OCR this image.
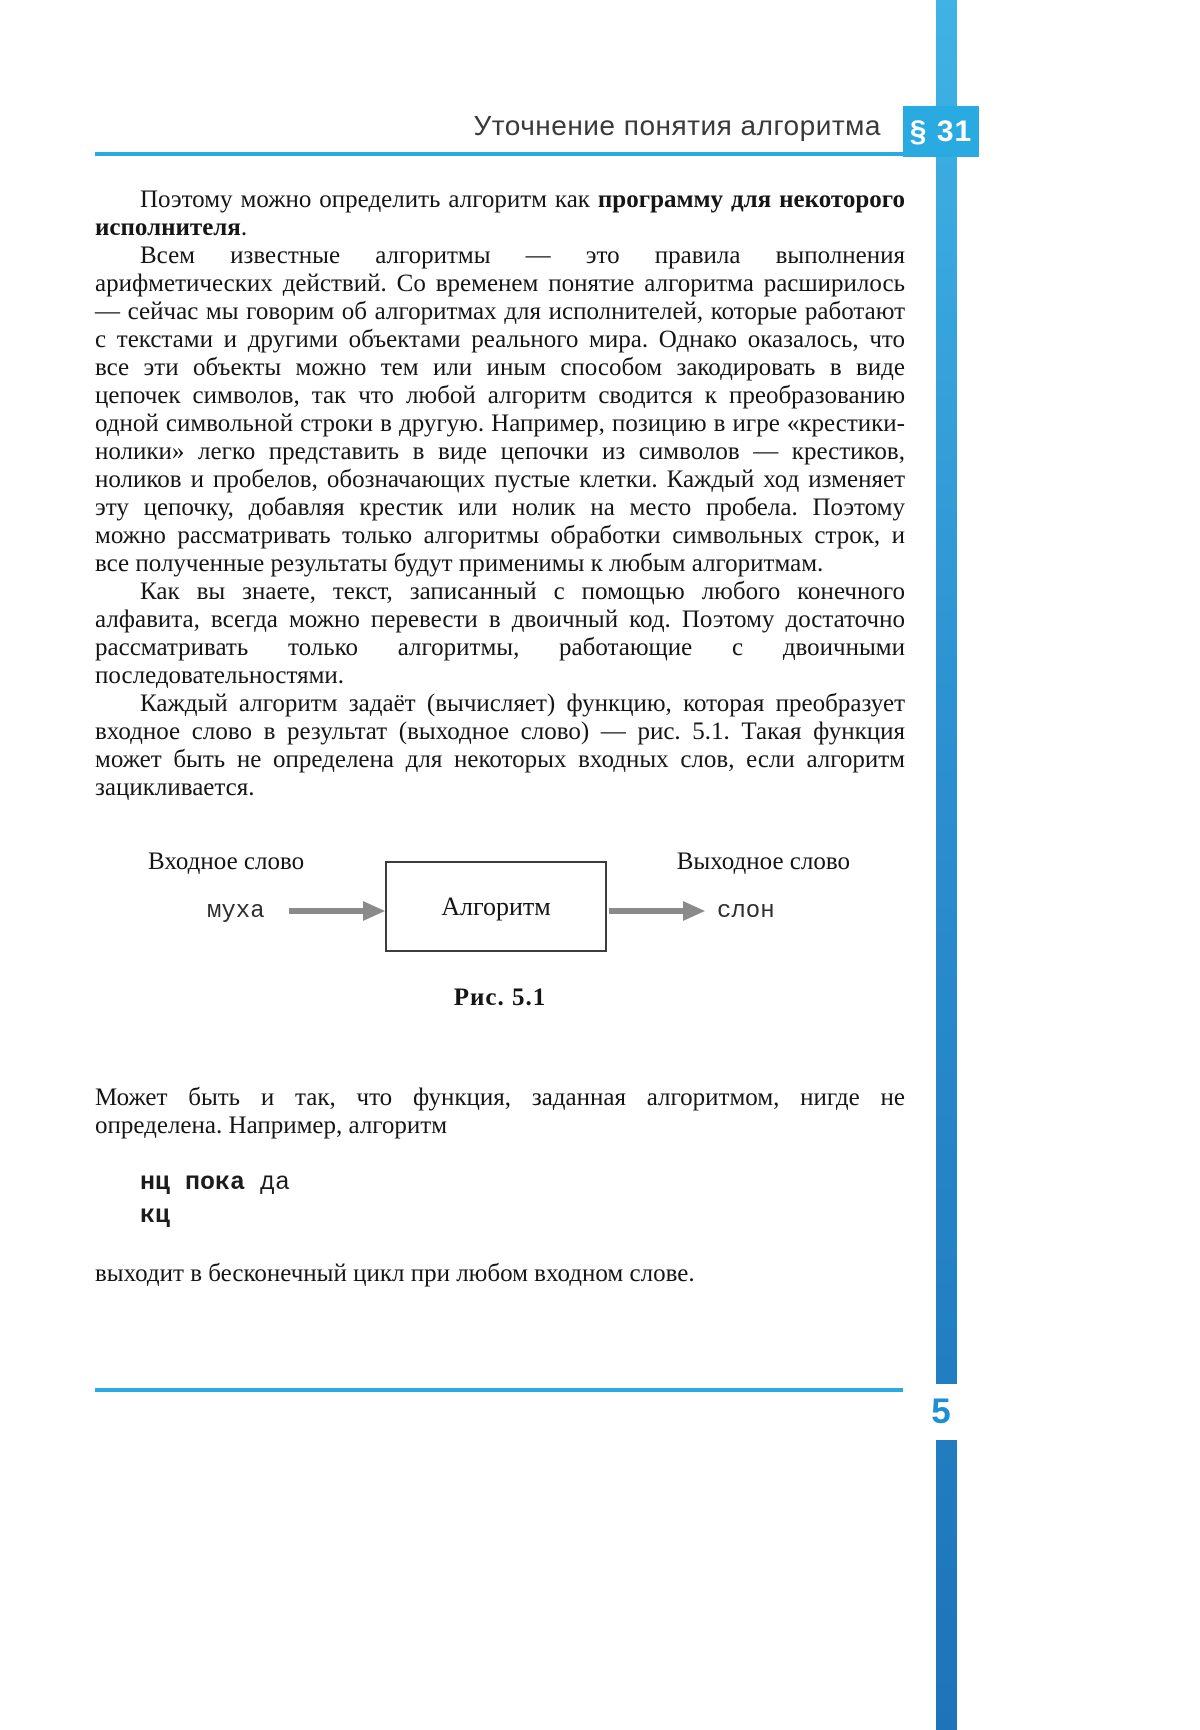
§ 31
Уточнение понятия алгоритма

Поэтому можно определить алгоритм как программу для некоторого исполнителя.

Всем известные алгоритмы — это правила выполнения арифметических действий. Со временем понятие алгоритма расширилось — сейчас мы говорим об алгоритмах для исполнителей, которые работают с текстами и другими объектами реального мира. Однако оказалось, что все эти объекты можно тем или иным способом закодировать в виде цепочек символов, так что любой алгоритм сводится к преобразованию одной символьной строки в другую. Например, позицию в игре «крестики-нолики» легко представить в виде цепочки из символов — крестиков, ноликов и пробелов, обозначающих пустые клетки. Каждый ход изменяет эту цепочку, добавляя крестик или нолик на место пробела. Поэтому можно рассматривать только алгоритмы обработки символьных строк, и все полученные результаты будут применимы к любым алгоритмам.

Как вы знаете, текст, записанный с помощью любого конечного алфавита, всегда можно перевести в двоичный код. Поэтому достаточно рассматривать только алгоритмы, работающие с двоичными последовательностями.

Каждый алгоритм задаёт (вычисляет) функцию, которая преобразует входное слово в результат (выходное слово) — рис. 5.1. Такая функция может быть не определена для некоторых входных слов, если алгоритм зацикливается.

Входное слово	Выходное слово
муха	Алгоритм	слон
Рис. 5.1

Может быть и так, что функция, заданная алгоритмом, нигде не определена. Например, алгоритм

нц пока да
кц

выходит в бесконечный цикл при любом входном слове.

5
